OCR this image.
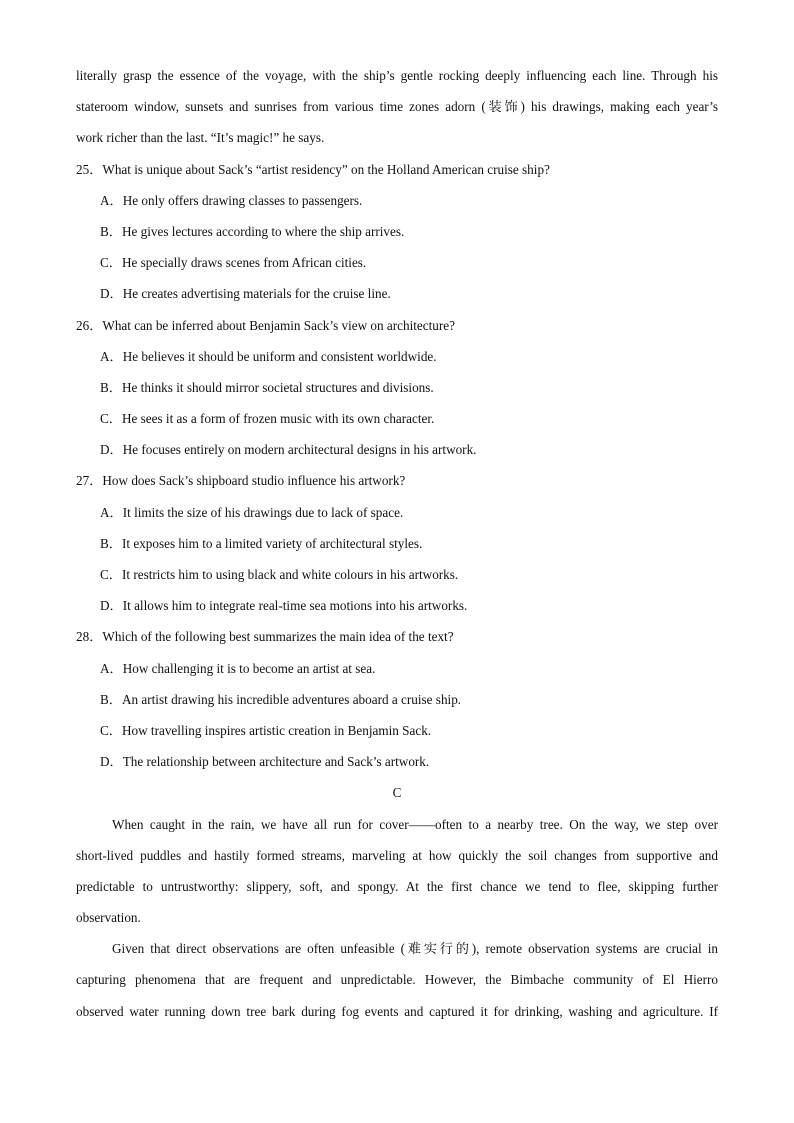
literally grasp the essence of the voyage, with the ship’s gentle rocking deeply influencing each line. Through his
stateroom window, sunsets and sunrises from various time zones adorn (装饰) his drawings, making each year’s
work richer than the last. “It’s magic!” he says.
25．What is unique about Sack’s “artist residency” on the Holland American cruise ship?
A．He only offers drawing classes to passengers.
B．He gives lectures according to where the ship arrives.
C．He specially draws scenes from African cities.
D．He creates advertising materials for the cruise line.
26．What can be inferred about Benjamin Sack’s view on architecture?
A．He believes it should be uniform and consistent worldwide.
B．He thinks it should mirror societal structures and divisions.
C．He sees it as a form of frozen music with its own character.
D．He focuses entirely on modern architectural designs in his artwork.
27．How does Sack’s shipboard studio influence his artwork?
A．It limits the size of his drawings due to lack of space.
B．It exposes him to a limited variety of architectural styles.
C．It restricts him to using black and white colours in his artworks.
D．It allows him to integrate real-time sea motions into his artworks.
28．Which of the following best summarizes the main idea of the text?
A．How challenging it is to become an artist at sea.
B．An artist drawing his incredible adventures aboard a cruise ship.
C．How travelling inspires artistic creation in Benjamin Sack.
D．The relationship between architecture and Sack’s artwork.
C
When caught in the rain, we have all run for cover——often to a nearby tree. On the way, we step over
short-lived puddles and hastily formed streams, marveling at how quickly the soil changes from supportive and
predictable to untrustworthy: slippery, soft, and spongy. At the first chance we tend to flee, skipping further
observation.
Given that direct observations are often unfeasible (难实行的), remote observation systems are crucial in
capturing phenomena that are frequent and unpredictable. However, the Bimbache community of El Hierro
observed water running down tree bark during fog events and captured it for drinking, washing and agriculture. If
